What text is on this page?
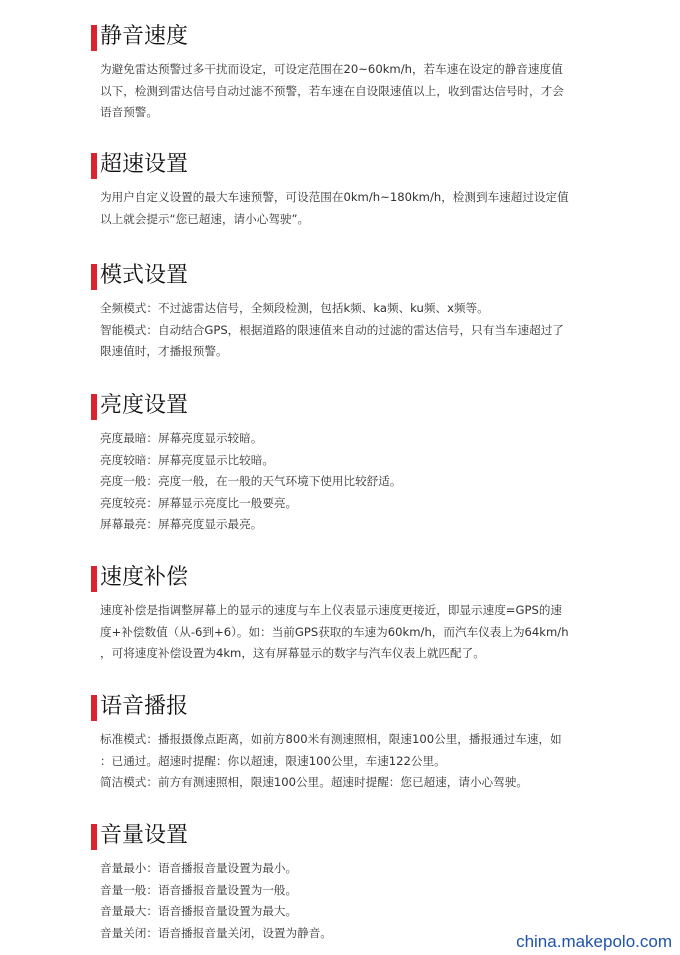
静音速度
为避免雷达预警过多干扰而设定，可设定范围在20~60km/h，若车速在设定的静音速度值
以下，检测到雷达信号自动过滤不预警，若车速在自设限速值以上，收到雷达信号时，才会
语音预警。
超速设置
为用户自定义设置的最大车速预警，可设范围在0km/h~180km/h，检测到车速超过设定值
以上就会提示“您已超速，请小心驾驶”。
模式设置
全频模式：不过滤雷达信号，全频段检测，包括k频、ka频、ku频、x频等。
智能模式：自动结合GPS，根据道路的限速值来自动的过滤的雷达信号，只有当车速超过了
限速值时，才播报预警。
亮度设置
亮度最暗：屏幕亮度显示较暗。
亮度较暗：屏幕亮度显示比较暗。
亮度一般：亮度一般，在一般的天气环境下使用比较舒适。
亮度较亮：屏幕显示亮度比一般要亮。
屏幕最亮：屏幕亮度显示最亮。
速度补偿
速度补偿是指调整屏幕上的显示的速度与车上仪表显示速度更接近，即显示速度=GPS的速
度+补偿数值（从-6到+6）。如：当前GPS获取的车速为60km/h，而汽车仪表上为64km/h
，可将速度补偿设置为4km，这有屏幕显示的数字与汽车仪表上就匹配了。
语音播报
标准模式：播报摄像点距离，如前方800米有测速照相，限速100公里，播报通过车速，如
：已通过。超速时提醒：你以超速，限速100公里，车速122公里。
简洁模式：前方有测速照相，限速100公里。超速时提醒：您已超速，请小心驾驶。
音量设置
音量最小：语音播报音量设置为最小。
音量一般：语音播报音量设置为一般。
音量最大：语音播报音量设置为最大。
音量关闭：语音播报音量关闭，设置为静音。	china.makepolo.com
